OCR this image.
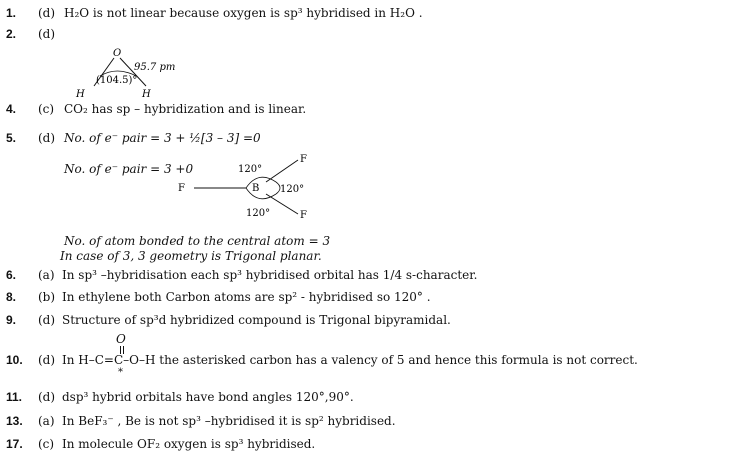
1. (d) H₂O is not linear because oxygen is sp³ hybridised in H₂O .
2. (d)
O
95.7 pm
(104.5)°
H	H
4. (c) CO₂ has sp – hybridization and is linear.
5. (d) No. of e⁻ pair = 3 + ½[3 – 3] =0
No. of e⁻ pair = 3 +0
F	B
F
F
120°
120°
120°
No. of atom bonded to the central atom = 3
In case of 3, 3 geometry is Trigonal planar.
6. (a) In sp³ –hybridisation each sp³ hybridised orbital has 1/4 s-character.
8. (b) In ethylene both Carbon atoms are sp² - hybridised so 120° .
9. (d) Structure of sp³d hybridized compound is Trigonal bipyramidal.
O
10. (d) In H–C=C–O–H the asterisked carbon has a valency of 5 and hence this formula is not correct.
*
11. (d) dsp³ hybrid orbitals have bond angles 120°,90°.
13. (a) In BeF₃⁻ , Be is not sp³ –hybridised it is sp² hybridised.
17. (c) In molecule OF₂ oxygen is sp³ hybridised.
